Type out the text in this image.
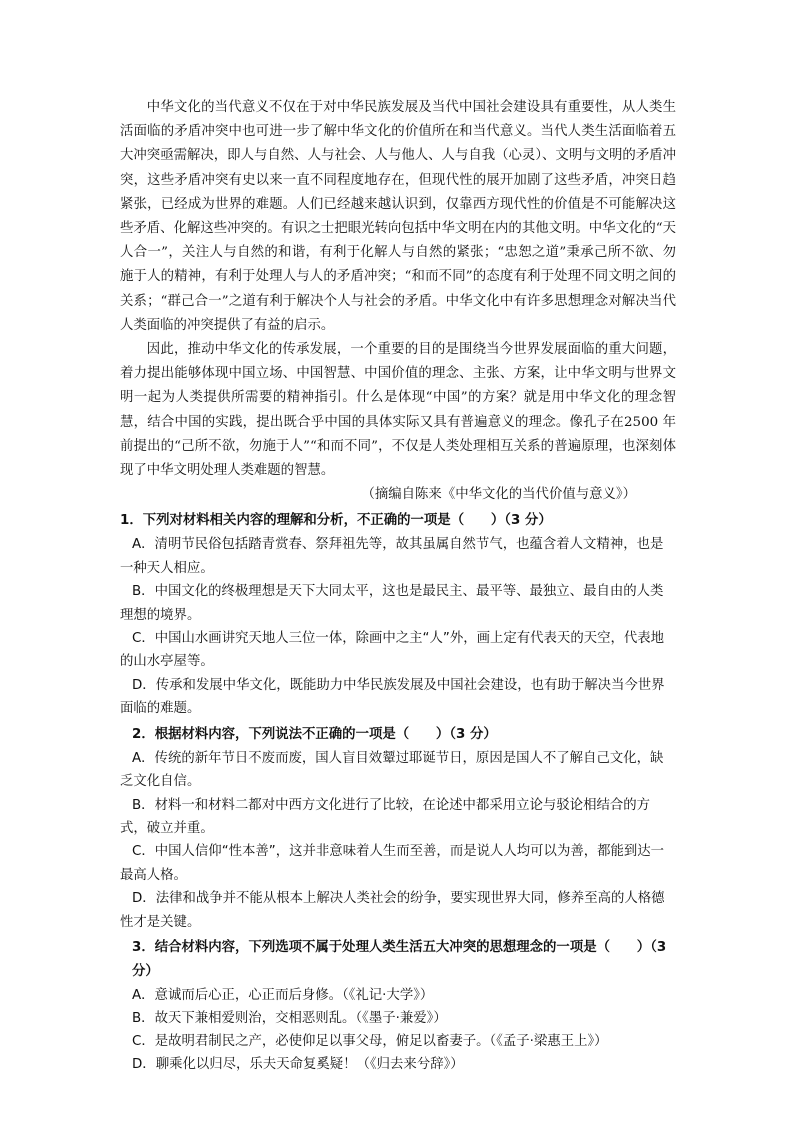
中华文化的当代意义不仅在于对中华民族发展及当代中国社会建设具有重要性，从人类生活面临的矛盾冲突中也可进一步了解中华文化的价值所在和当代意义。当代人类生活面临着五大冲突亟需解决，即人与自然、人与社会、人与他人、人与自我（心灵）、文明与文明的矛盾冲突，这些矛盾冲突有史以来一直不同程度地存在，但现代性的展开加剧了这些矛盾，冲突日趋紧张，已经成为世界的难题。人们已经越来越认识到，仅靠西方现代性的价值是不可能解决这些矛盾、化解这些冲突的。有识之士把眼光转向包括中华文明在内的其他文明。中华文化的“天人合一”，关注人与自然的和谐，有利于化解人与自然的紧张；“忠恕之道”秉承己所不欲、勿施于人的精神，有利于处理人与人的矛盾冲突；“和而不同”的态度有利于处理不同文明之间的关系；“群己合一”之道有利于解决个人与社会的矛盾。中华文化中有许多思想理念对解决当代人类面临的冲突提供了有益的启示。

因此，推动中华文化的传承发展，一个重要的目的是围绕当今世界发展面临的重大问题，着力提出能够体现中国立场、中国智慧、中国价值的理念、主张、方案，让中华文明与世界文明一起为人类提供所需要的精神指引。什么是体现“中国”的方案？就是用中华文化的理念智慧，结合中国的实践，提出既合乎中国的具体实际又具有普遍意义的理念。像孔子在2500 年前提出的“己所不欲，勿施于人”“和而不同”，不仅是人类处理相互关系的普遍原理，也深刻体现了中华文明处理人类难题的智慧。

（摘编自陈来《中华文化的当代价值与意义》）

1．下列对材料相关内容的理解和分析，不正确的一项是（　　）（3 分）

A．清明节民俗包括踏青赏春、祭拜祖先等，故其虽属自然节气，也蕴含着人文精神，也是一种天人相应。

B．中国文化的终极理想是天下大同太平，这也是最民主、最平等、最独立、最自由的人类理想的境界。

C．中国山水画讲究天地人三位一体，除画中之主“人”外，画上定有代表天的天空，代表地的山水亭屋等。

D．传承和发展中华文化，既能助力中华民族发展及中国社会建设，也有助于解决当今世界面临的难题。

2．根据材料内容，下列说法不正确的一项是（　　）（3 分）

A．传统的新年节日不废而废，国人盲目效颦过耶诞节日，原因是国人不了解自己文化，缺乏文化自信。

B．材料一和材料二都对中西方文化进行了比较，在论述中都采用立论与驳论相结合的方式，破立并重。

C．中国人信仰“性本善”，这并非意味着人生而至善，而是说人人均可以为善，都能到达一最高人格。

D．法律和战争并不能从根本上解决人类社会的纷争，要实现世界大同，修养至高的人格德性才是关键。

3．结合材料内容，下列选项不属于处理人类生活五大冲突的思想理念的一项是（　　）（3 分）

A．意诚而后心正，心正而后身修。（《礼记·大学》）

B．故天下兼相爱则治，交相恶则乱。（《墨子·兼爱》）

C．是故明君制民之产，必使仰足以事父母，俯足以畜妻子。（《孟子·梁惠王上》）

D．聊乘化以归尽，乐夫天命复奚疑！（《归去来兮辞》）
